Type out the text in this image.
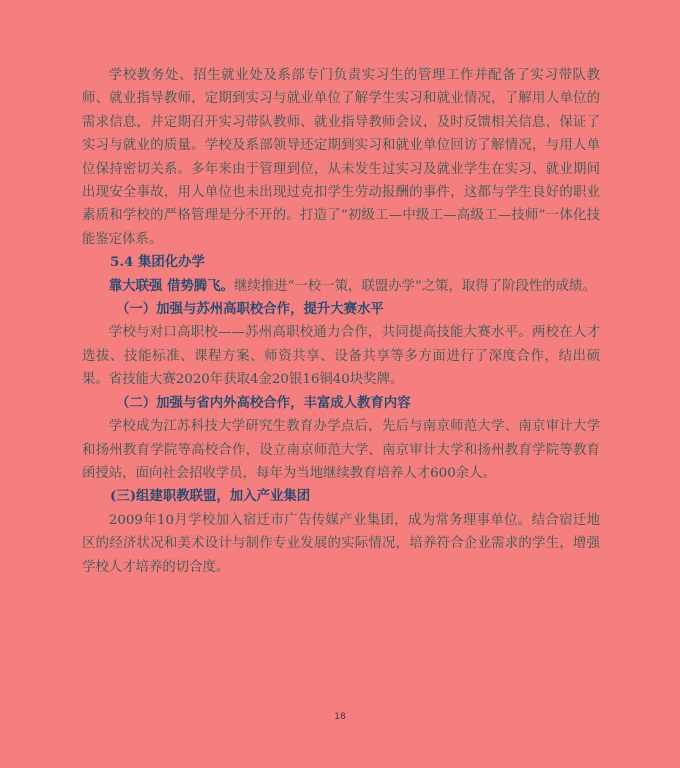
学校教务处、招生就业处及系部专门负责实习生的管理工作并配备了实习带队教师、就业指导教师，定期到实习与就业单位了解学生实习和就业情况，了解用人单位的需求信息，并定期召开实习带队教师、就业指导教师会议，及时反馈相关信息，保证了实习与就业的质量。学校及系部领导还定期到实习和就业单位回访了解情况，与用人单位保持密切关系。多年来由于管理到位，从未发生过实习及就业学生在实习、就业期间出现安全事故，用人单位也未出现过克扣学生劳动报酬的事件，这都与学生良好的职业素质和学校的严格管理是分不开的。打造了“初级工—中级工—高级工—技师”一体化技能鉴定体系。

5.4 集团化办学

靠大联强 借势腾飞。继续推进“一校一策，联盟办学”之策，取得了阶段性的成绩。

（一）加强与苏州高职校合作，提升大赛水平

学校与对口高职校——苏州高职校通力合作，共同提高技能大赛水平。两校在人才选拔、技能标准、课程方案、师资共享、设备共享等多方面进行了深度合作，结出硕果。省技能大赛2020年获取4金20银16铜40块奖牌。

（二）加强与省内外高校合作，丰富成人教育内容

学校成为江苏科技大学研究生教育办学点后，先后与南京师范大学、南京审计大学和扬州教育学院等高校合作，设立南京师范大学、南京审计大学和扬州教育学院等教育函授站，面向社会招收学员，每年为当地继续教育培养人才600余人。

(三)组建职教联盟，加入产业集团

2009年10月学校加入宿迁市广告传媒产业集团，成为常务理事单位。结合宿迁地区的经济状况和美术设计与制作专业发展的实际情况，培养符合企业需求的学生，增强学校人才培养的切合度。

18
